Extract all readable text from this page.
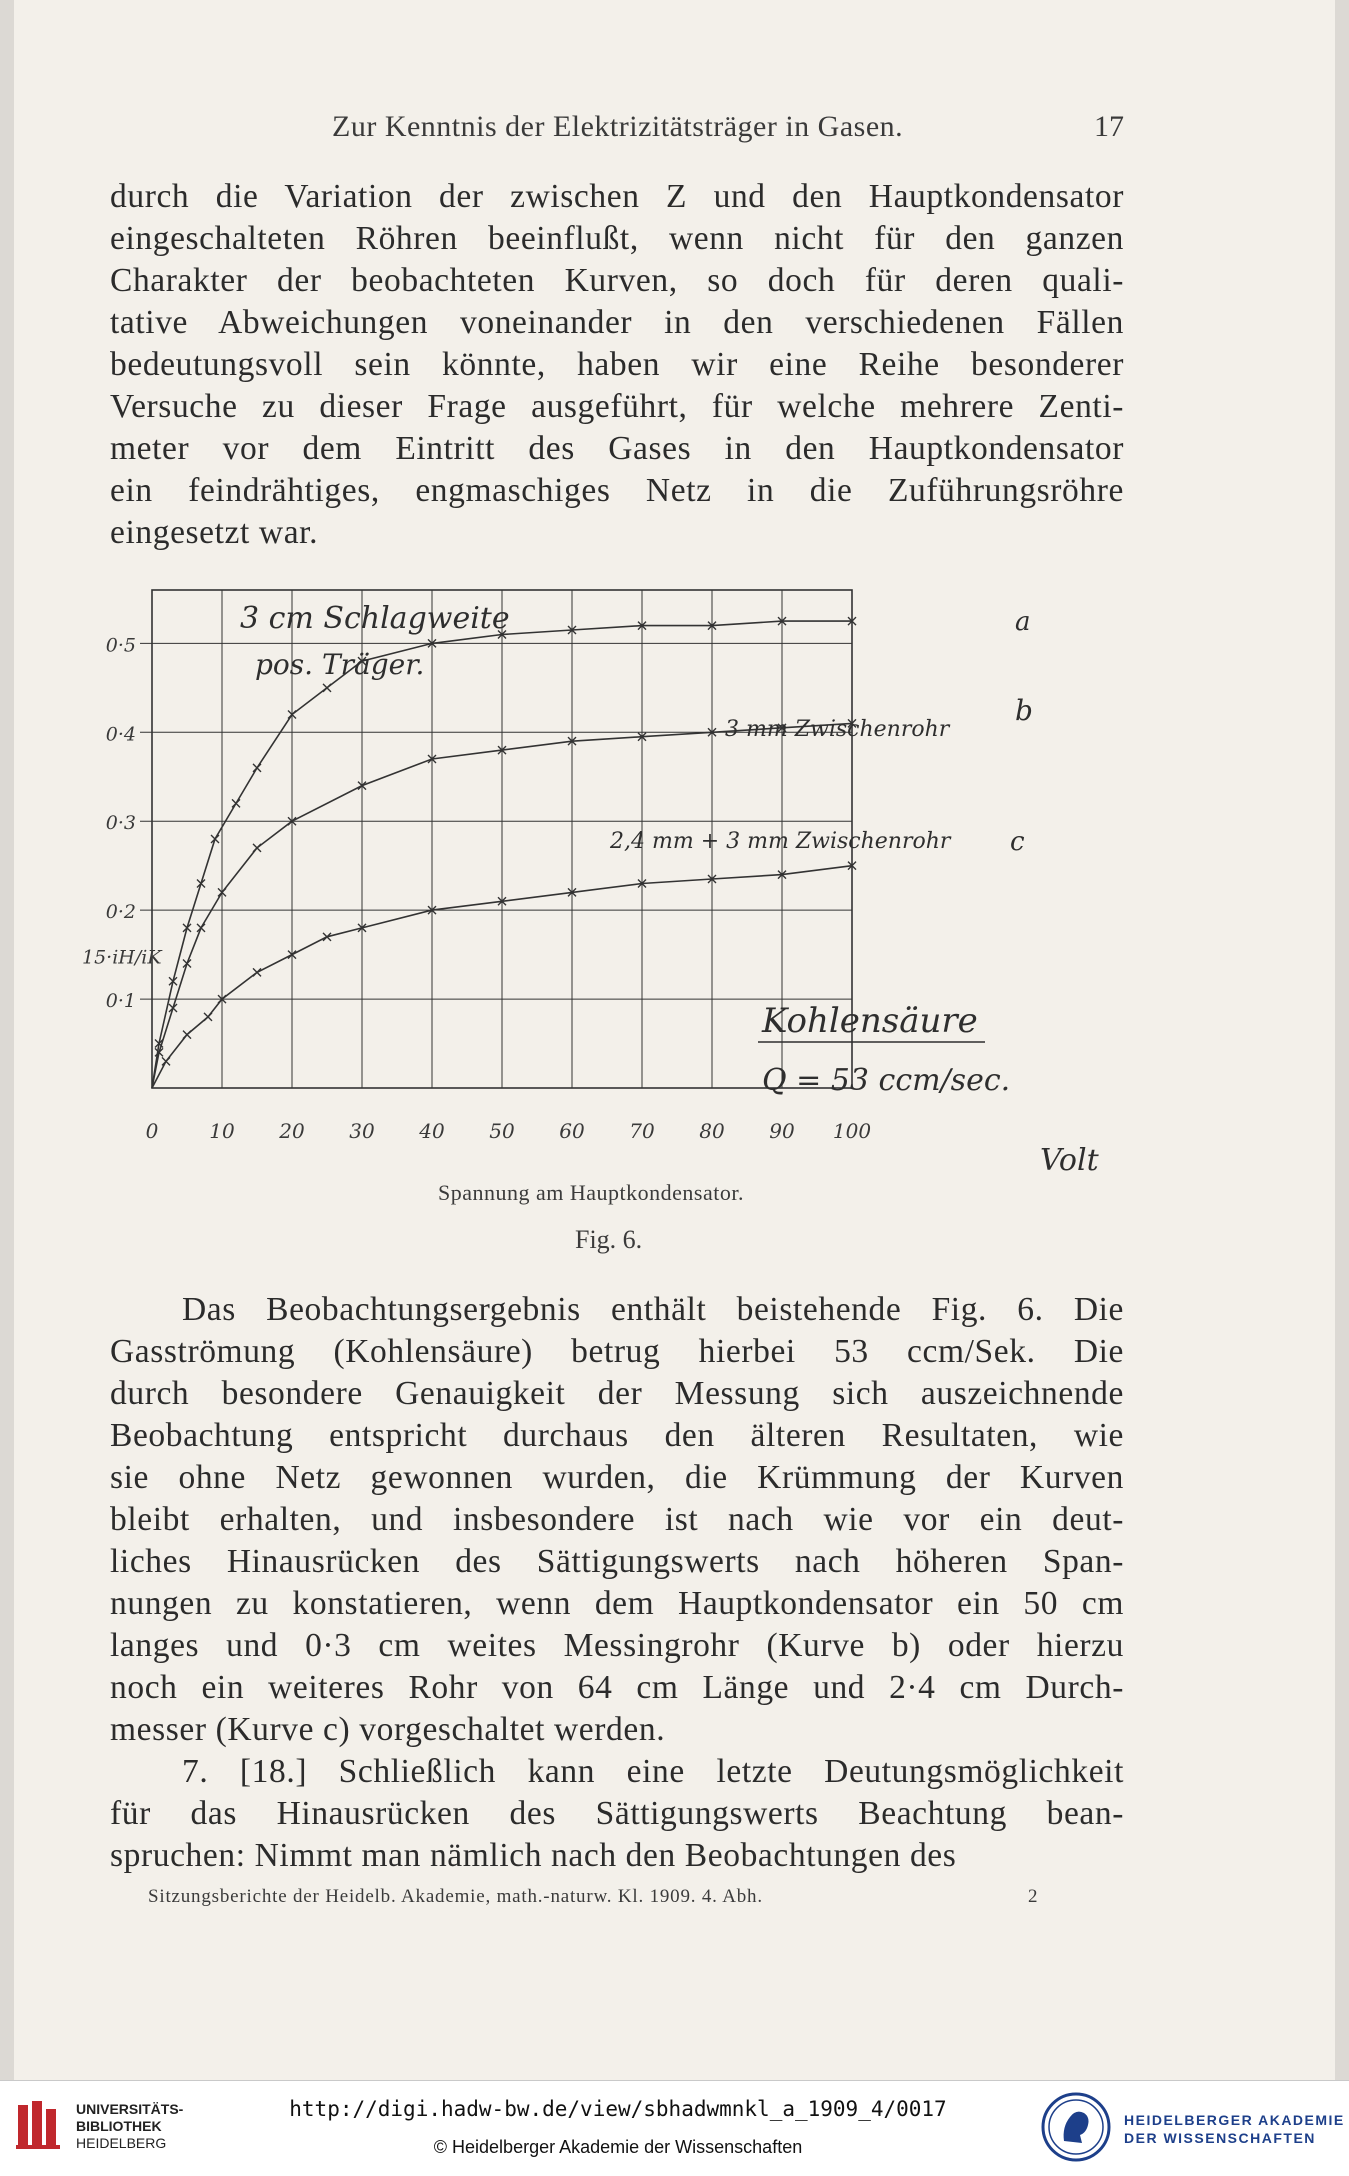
Zur Kenntnis der Elektrizitätsträger in Gasen.	17
durch die Variation der zwischen Z und den Hauptkondensator
eingeschalteten Röhren beeinflußt, wenn nicht für den ganzen
Charakter der beobachteten Kurven, so doch für deren quali-
tative Abweichungen voneinander in den verschiedenen Fällen
bedeutungsvoll sein könnte, haben wir eine Reihe besonderer
Versuche zu dieser Frage ausgeführt, für welche mehrere Zenti-
meter vor dem Eintritt des Gases in den Hauptkondensator
ein feindrähtiges, engmaschiges Netz in die Zuführungsröhre
eingesetzt war.
0	10 20 30 40 50 60 70 80 90 100
0·1
0·2
0·3
0·4
0·5
15·iH/iK
3 cm Schlagweite
pos. Träger.
a
b
c
3 mm Zwischenrohr
2,4 mm + 3 mm Zwischenrohr
Kohlensäure
Q = 53 ccm/sec.
Volt
Spannung am Hauptkondensator.
Fig. 6.
Das Beobachtungsergebnis enthält beistehende Fig. 6. Die
Gasströmung (Kohlensäure) betrug hierbei 53 ccm/Sek. Die
durch besondere Genauigkeit der Messung sich auszeichnende
Beobachtung entspricht durchaus den älteren Resultaten, wie
sie ohne Netz gewonnen wurden, die Krümmung der Kurven
bleibt erhalten, und insbesondere ist nach wie vor ein deut-
liches Hinausrücken des Sättigungswerts nach höheren Span-
nungen zu konstatieren, wenn dem Hauptkondensator ein 50 cm
langes und 0·3 cm weites Messingrohr (Kurve b) oder hierzu
noch ein weiteres Rohr von 64 cm Länge und 2·4 cm Durch-
messer (Kurve c) vorgeschaltet werden.
7. [18.] Schließlich kann eine letzte Deutungsmöglichkeit
für das Hinausrücken des Sättigungswerts Beachtung bean-
spruchen: Nimmt man nämlich nach den Beobachtungen des
Sitzungsberichte der Heidelb. Akademie, math.-naturw. Kl. 1909. 4. Abh.	2
UNIVERSITÄTS-
BIBLIOTHEK
HEIDELBERG
http://digi.hadw-bw.de/view/sbhadwmnkl_a_1909_4/0017
© Heidelberger Akademie der Wissenschaften
HEIDELBERGER AKADEMIE
DER WISSENSCHAFTEN
